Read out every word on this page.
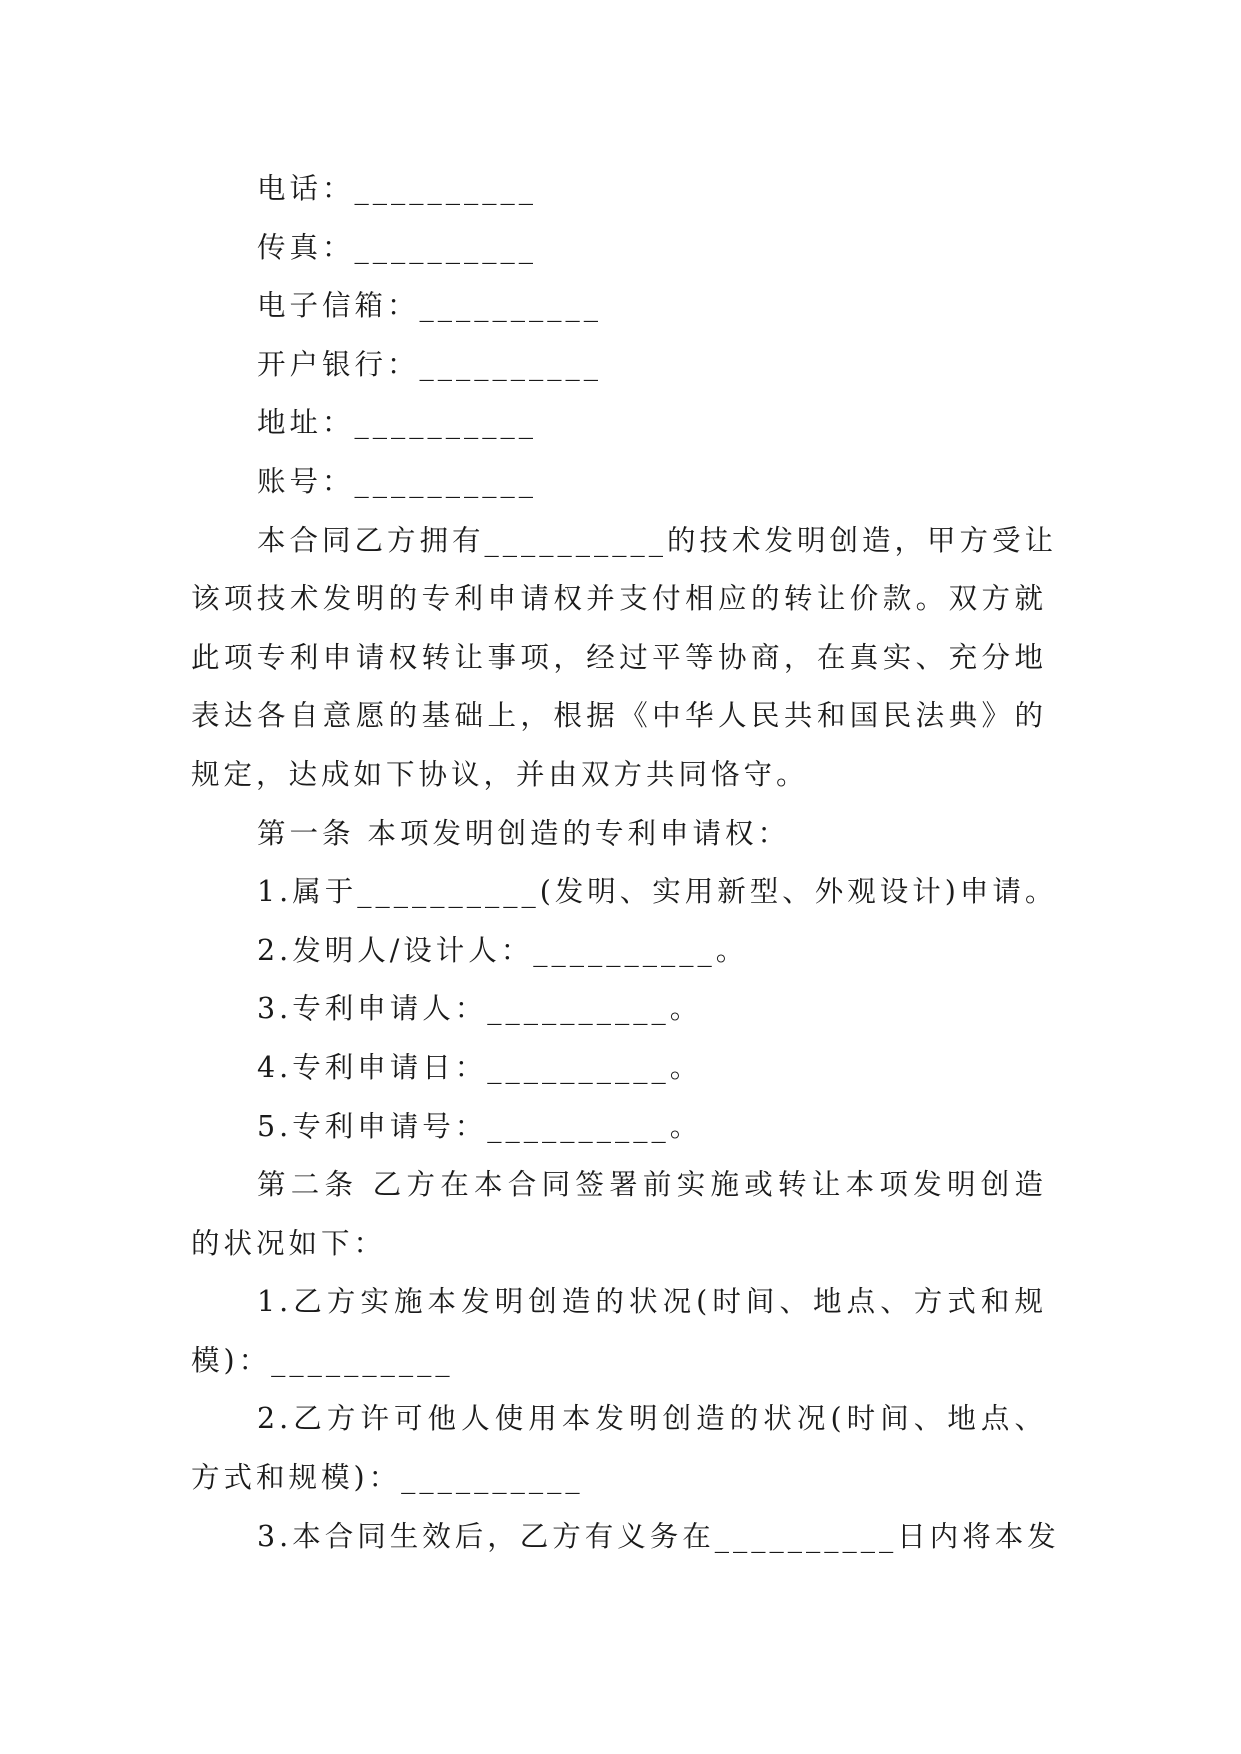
电话：__________
传真：__________
电子信箱：__________
开户银行：__________
地址：__________
账号：__________
本合同乙方拥有__________的技术发明创造，甲方受让
该项技术发明的专利申请权并支付相应的转让价款。双方就
此项专利申请权转让事项，经过平等协商，在真实、充分地
表达各自意愿的基础上，根据《中华人民共和国民法典》的
规定，达成如下协议，并由双方共同恪守。
第一条 本项发明创造的专利申请权：
1.属于__________(发明、实用新型、外观设计)申请。
2.发明人/设计人：__________。
3.专利申请人：__________。
4.专利申请日：__________。
5.专利申请号：__________。
第二条 乙方在本合同签署前实施或转让本项发明创造
的状况如下：
1.乙方实施本发明创造的状况(时间、地点、方式和规
模)：__________
2.乙方许可他人使用本发明创造的状况(时间、地点、
方式和规模)：__________
3.本合同生效后，乙方有义务在__________日内将本发
